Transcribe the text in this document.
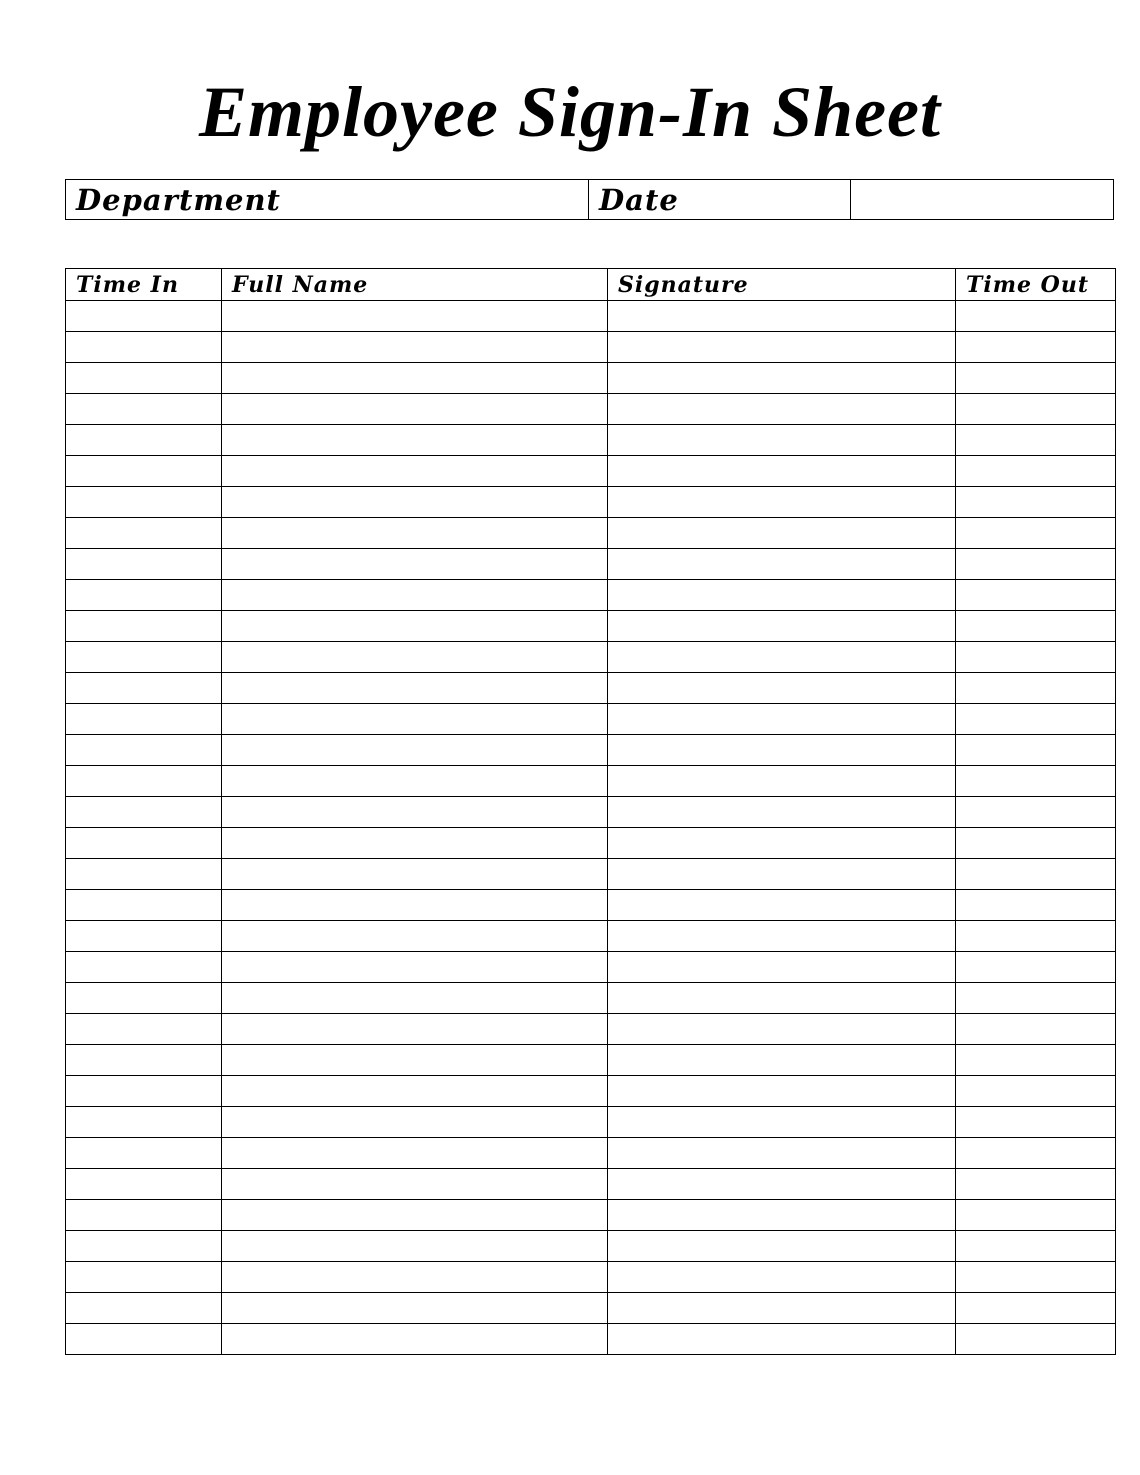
Employee Sign-In Sheet
Department	Date	
Time In	Full Name	Signature	Time Out
